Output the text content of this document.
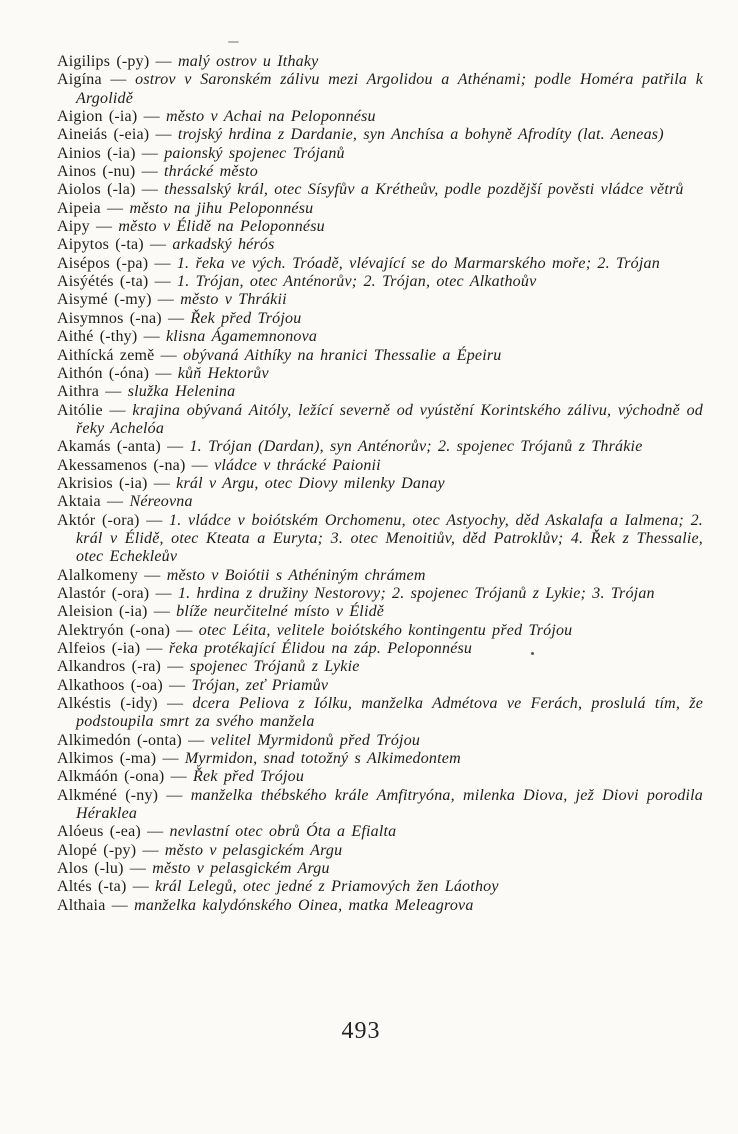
Aigilips (-py) — malý ostrov u Ithaky

Aigína — ostrov v Saronském zálivu mezi Argolidou a Athénami; podle Homéra patřila k Argolidě

Aigion (-ia) — město v Achai na Peloponnésu

Aineiás (-eia) — trojský hrdina z Dardanie, syn Anchísa a bohyně Afrodíty (lat. Aeneas)

Ainios (-ia) — paionský spojenec Trójanů

Ainos (-nu) — thrácké město

Aiolos (-la) — thessalský král, otec Sísyfův a Krétheův, podle pozdější pověsti vládce větrů

Aipeia — město na jihu Peloponnésu

Aipy — město v Élidě na Peloponnésu

Aipytos (-ta) — arkadský hérós

Aisépos (-pa) — 1. řeka ve vých. Tróadě, vlévající se do Marmarského moře; 2. Trójan

Aisýétés (-ta) — 1. Trójan, otec Anténorův; 2. Trójan, otec Alkathoův

Aisymé (-my) — město v Thrákii

Aisymnos (-na) — Řek před Trójou

Aithé (-thy) — klisna Ágamemnonova

Aithícká země — obývaná Aithíky na hranici Thessalie a Épeiru

Aithón (-óna) — kůň Hektorův

Aithra — služka Helenina

Aitólie — krajina obývaná Aitóly, ležící severně od vyústění Korintského zálivu, východně od řeky Achelóa

Akamás (-anta) — 1. Trójan (Dardan), syn Anténorův; 2. spojenec Trójanů z Thrákie

Akessamenos (-na) — vládce v thrácké Paionii

Akrisios (-ia) — král v Argu, otec Diovy milenky Danay

Aktaia — Néreovna

Aktór (-ora) — 1. vládce v boiótském Orchomenu, otec Astyochy, děd Askalafa a Ialmena; 2. král v Élidě, otec Kteata a Euryta; 3. otec Menoitiův, děd Patroklův; 4. Řek z Thessalie, otec Echekleův

Alalkomeny — město v Boiótii s Athéniným chrámem

Alastór (-ora) — 1. hrdina z družiny Nestorovy; 2. spojenec Trójanů z Lykie; 3. Trójan

Aleision (-ia) — blíže neurčitelné místo v Élidě

Alektryón (-ona) — otec Léita, velitele boiótského kontingentu před Trójou

Alfeios (-ia) — řeka protékající Élidou na záp. Peloponnésu

Alkandros (-ra) — spojenec Trójanů z Lykie

Alkathoos (-oa) — Trójan, zeť Priamův

Alkéstis (-idy) — dcera Peliova z Iólku, manželka Admétova ve Ferách, proslulá tím, že podstoupila smrt za svého manžela

Alkimedón (-onta) — velitel Myrmidonů před Trójou

Alkimos (-ma) — Myrmidon, snad totožný s Alkimedontem

Alkmáón (-ona) — Řek před Trójou

Alkméné (-ny) — manželka thébského krále Amfitryóna, milenka Diova, jež Diovi porodila Héraklea

Alóeus (-ea) — nevlastní otec obrů Óta a Efialta

Alopé (-py) — město v pelasgickém Argu

Alos (-lu) — město v pelasgickém Argu

Altés (-ta) — král Lelegů, otec jedné z Priamových žen Láothoy

Althaia — manželka kalydónského Oinea, matka Meleagrova

493
